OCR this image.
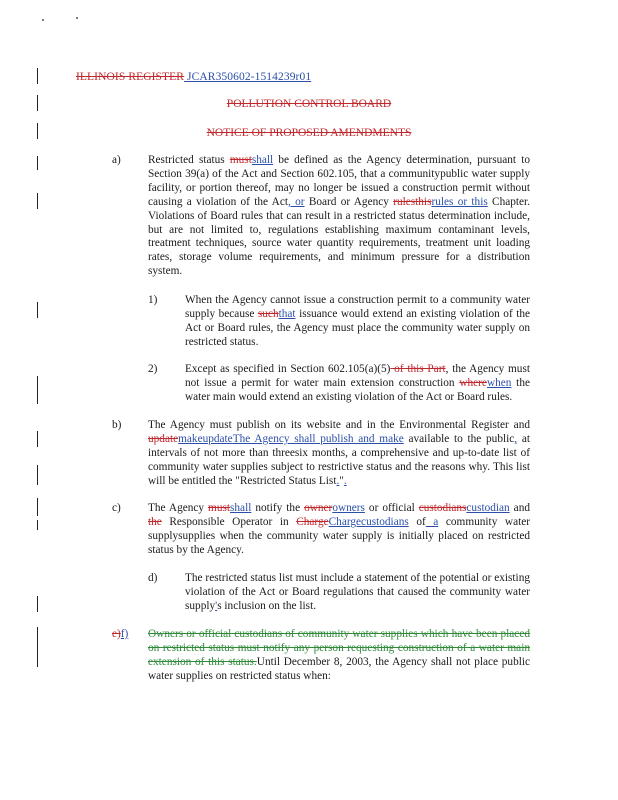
ILLINOIS REGISTER JCAR350602-1514239r01
POLLUTION CONTROL BOARD
NOTICE OF PROPOSED AMENDMENTS
a) Restricted status mustshall be defined as the Agency determination, pursuant to Section 39(a) of the Act and Section 602.105, that a communitypublic water supply facility, or portion thereof, may no longer be issued a construction permit without causing a violation of the Act, or Board or Agency rulesthisrules or this Chapter. Violations of Board rules that can result in a restricted status determination include, but are not limited to, regulations establishing maximum contaminant levels, treatment techniques, source water quantity requirements, treatment unit loading rates, storage volume requirements, and minimum pressure for a distribution system.
1) When the Agency cannot issue a construction permit to a community water supply because suchthat issuance would extend an existing violation of the Act or Board rules, the Agency must place the community water supply on restricted status.
2) Except as specified in Section 602.105(a)(5) of this Part, the Agency must not issue a permit for water main extension construction wherewhen the water main would extend an existing violation of the Act or Board rules.
b) The Agency must publish on its website and in the Environmental Register and updatemakeupdateThe Agency shall publish and make available to the public, at intervals of not more than threesix months, a comprehensive and up-to-date list of community water supplies subject to restrictive status and the reasons why. This list will be entitled the "Restricted Status List.".
c) The Agency mustshall notify the ownerowners or official custodianscustodian and the Responsible Operator in ChargeChargecustodians of a community water supplysupplies when the community water supply is initially placed on restricted status by the Agency.
d) The restricted status list must include a statement of the potential or existing violation of the Act or Board regulations that caused the community water supply's inclusion on the list.
e)f) Owners or official custodians of community water supplies which have been placed on restricted status must notify any person requesting construction of a water main extension of this status.Until December 8, 2003, the Agency shall not place public water supplies on restricted status when:
